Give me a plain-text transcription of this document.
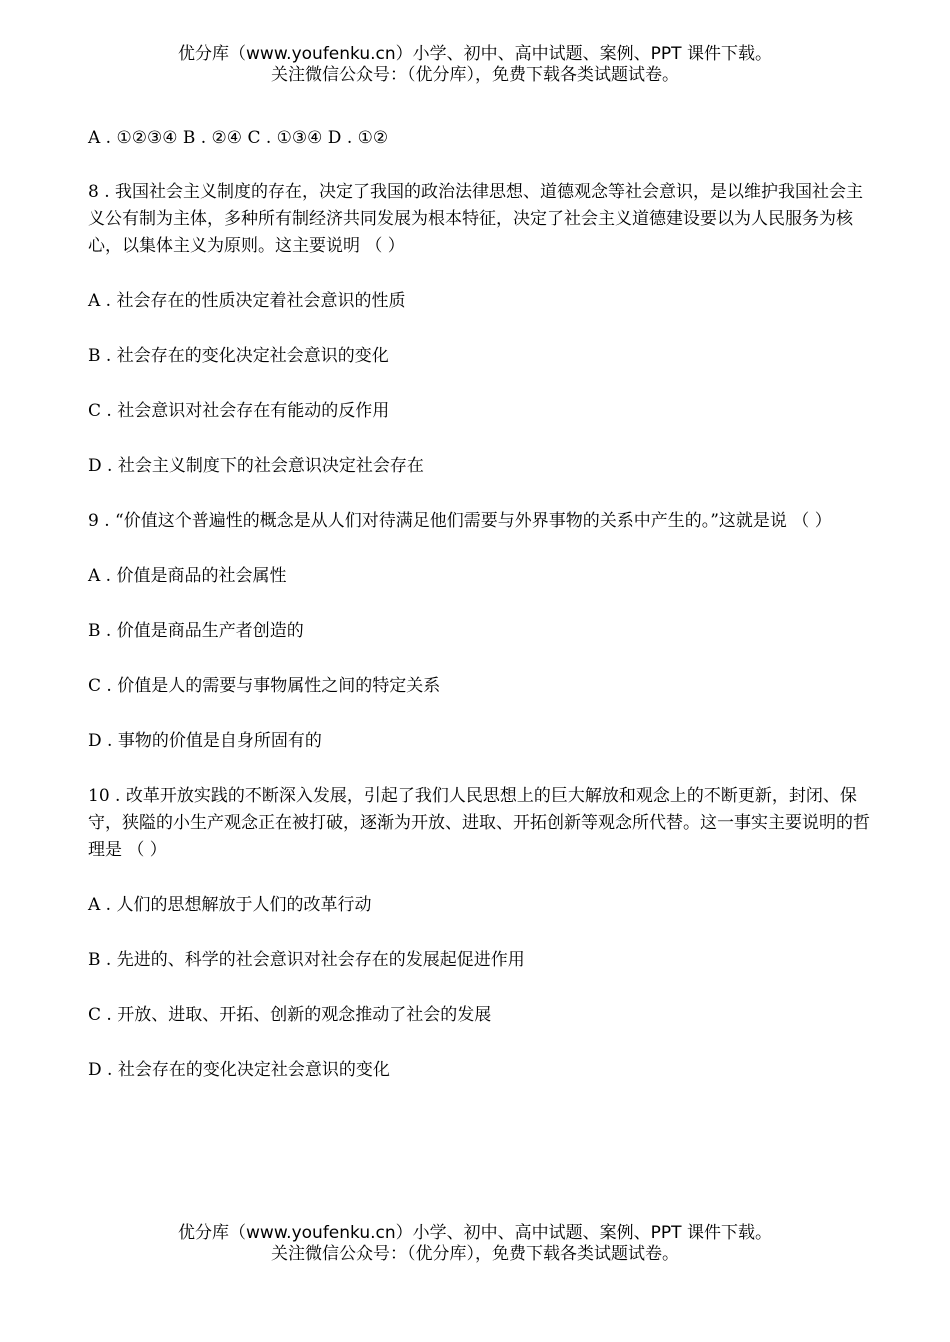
优分库（www.youfenku.cn）小学、初中、高中试题、案例、PPT 课件下载。
关注微信公众号：（优分库），免费下载各类试题试卷。

A . ①②③④ B . ②④ C . ①③④ D . ①②

8 . 我国社会主义制度的存在，决定了我国的政治法律思想、道德观念等社会意识，是以维护我国社会主义公有制为主体，多种所有制经济共同发展为根本特征，决定了社会主义道德建设要以为人民服务为核心，以集体主义为原则。这主要说明 （ ）

A . 社会存在的性质决定着社会意识的性质

B . 社会存在的变化决定社会意识的变化

C . 社会意识对社会存在有能动的反作用

D . 社会主义制度下的社会意识决定社会存在

9 . “价值这个普遍性的概念是从人们对待满足他们需要与外界事物的关系中产生的。”这就是说 （ ）

A . 价值是商品的社会属性

B . 价值是商品生产者创造的

C . 价值是人的需要与事物属性之间的特定关系

D . 事物的价值是自身所固有的

10 . 改革开放实践的不断深入发展，引起了我们人民思想上的巨大解放和观念上的不断更新，封闭、保守，狭隘的小生产观念正在被打破，逐渐为开放、进取、开拓创新等观念所代替。这一事实主要说明的哲理是 （ ）

A . 人们的思想解放于人们的改革行动

B . 先进的、科学的社会意识对社会存在的发展起促进作用

C . 开放、进取、开拓、创新的观念推动了社会的发展

D . 社会存在的变化决定社会意识的变化

优分库（www.youfenku.cn）小学、初中、高中试题、案例、PPT 课件下载。
关注微信公众号：（优分库），免费下载各类试题试卷。
